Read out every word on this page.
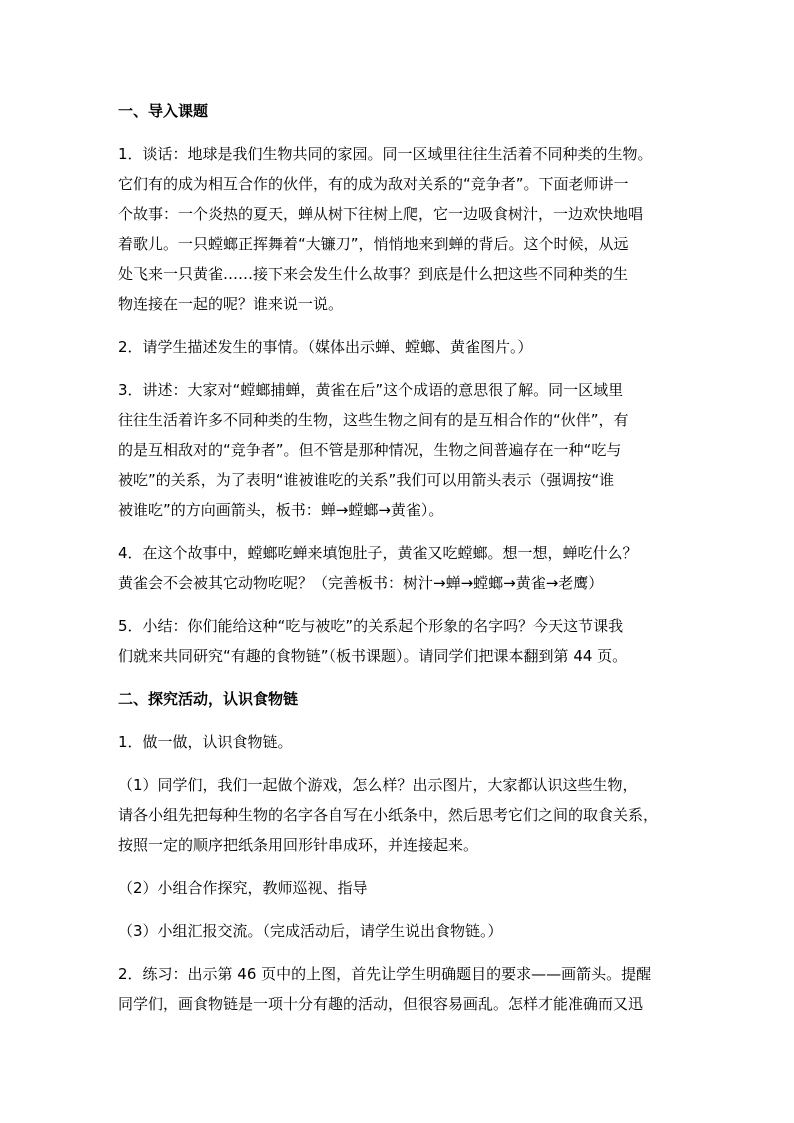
一、导入课题
1．谈话：地球是我们生物共同的家园。同一区域里往往生活着不同种类的生物。
它们有的成为相互合作的伙伴，有的成为敌对关系的“竞争者”。下面老师讲一
个故事：一个炎热的夏天，蝉从树下往树上爬，它一边吸食树汁，一边欢快地唱
着歌儿。一只螳螂正挥舞着“大镰刀”，悄悄地来到蝉的背后。这个时候，从远
处飞来一只黄雀……接下来会发生什么故事？到底是什么把这些不同种类的生
物连接在一起的呢？谁来说一说。
2．请学生描述发生的事情。（媒体出示蝉、螳螂、黄雀图片。）
3．讲述：大家对“螳螂捕蝉，黄雀在后”这个成语的意思很了解。同一区域里
往往生活着许多不同种类的生物，这些生物之间有的是互相合作的“伙伴”，有
的是互相敌对的“竞争者”。但不管是那种情况，生物之间普遍存在一种“吃与
被吃”的关系，为了表明“谁被谁吃的关系”我们可以用箭头表示（强调按“谁
被谁吃”的方向画箭头，板书：蝉→螳螂→黄雀）。
4．在这个故事中，螳螂吃蝉来填饱肚子，黄雀又吃螳螂。想一想，蝉吃什么？
黄雀会不会被其它动物吃呢？（完善板书：树汁→蝉→螳螂→黄雀→老鹰）
5．小结：你们能给这种“吃与被吃”的关系起个形象的名字吗？今天这节课我
们就来共同研究“有趣的食物链”（板书课题）。请同学们把课本翻到第 44 页。
二、探究活动，认识食物链
1．做一做，认识食物链。
（1）同学们，我们一起做个游戏，怎么样？出示图片，大家都认识这些生物，
请各小组先把每种生物的名字各自写在小纸条中，然后思考它们之间的取食关系，
按照一定的顺序把纸条用回形针串成环，并连接起来。
（2）小组合作探究，教师巡视、指导
（3）小组汇报交流。（完成活动后，请学生说出食物链。）
2．练习：出示第 46 页中的上图，首先让学生明确题目的要求——画箭头。提醒
同学们，画食物链是一项十分有趣的活动，但很容易画乱。怎样才能准确而又迅
